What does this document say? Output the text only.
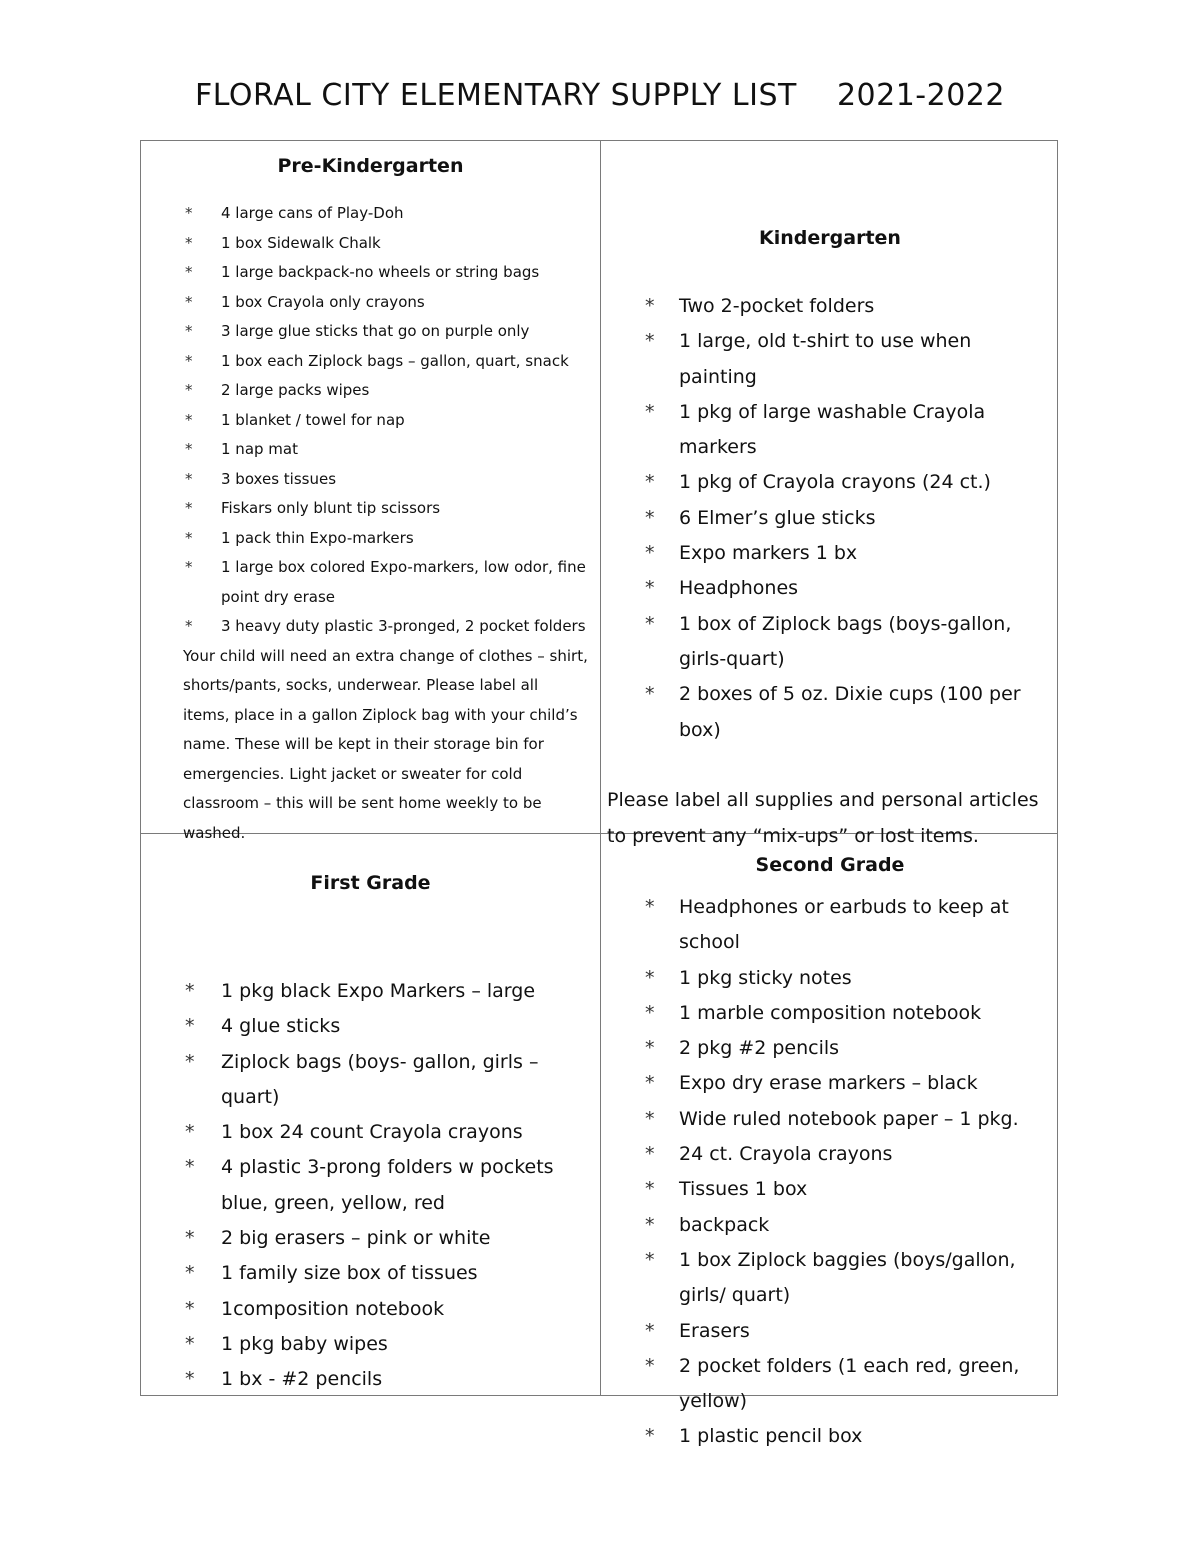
FLORAL CITY ELEMENTARY SUPPLY LIST    2021-2022
Pre-Kindergarten
* 4 large cans of Play-Doh
* 1 box Sidewalk Chalk
* 1 large backpack-no wheels or string bags
* 1 box Crayola only crayons
* 3 large glue sticks that go on purple only
* 1 box each Ziplock bags – gallon, quart, snack
* 2 large packs wipes
* 1 blanket / towel for nap
* 1 nap mat
* 3 boxes tissues
* Fiskars only blunt tip scissors
* 1 pack thin Expo-markers
* 1 large box colored Expo-markers, low odor, fine point dry erase
* 3 heavy duty plastic 3-pronged, 2 pocket folders
Your child will need an extra change of clothes – shirt, shorts/pants, socks, underwear. Please label all items, place in a gallon Ziplock bag with your child’s name. These will be kept in their storage bin for emergencies. Light jacket or sweater for cold classroom – this will be sent home weekly to be washed.
Kindergarten
* Two 2-pocket folders
* 1 large, old t-shirt to use when painting
* 1 pkg of large washable Crayola markers
* 1 pkg of Crayola crayons (24 ct.)
* 6 Elmer’s glue sticks
* Expo markers 1 bx
* Headphones
* 1 box of Ziplock bags (boys-gallon, girls-quart)
* 2 boxes of 5 oz. Dixie cups (100 per box)
Please label all supplies and personal articles to prevent any “mix-ups” or lost items.
First Grade
* 1 pkg black Expo Markers – large
* 4 glue sticks
* Ziplock bags (boys- gallon, girls – quart)
* 1 box 24 count Crayola crayons
* 4 plastic 3-prong folders w pockets blue, green, yellow, red
* 2 big erasers – pink or white
* 1 family size box of tissues
* 1composition notebook
* 1 pkg baby wipes
* 1 bx - #2 pencils
Second Grade
* Headphones or earbuds to keep at school
* 1 pkg sticky notes
* 1 marble composition notebook
* 2 pkg #2 pencils
* Expo dry erase markers – black
* Wide ruled notebook paper – 1 pkg.
* 24 ct. Crayola crayons
* Tissues 1 box
* backpack
* 1 box Ziplock baggies (boys/gallon, girls/ quart)
* Erasers
* 2 pocket folders (1 each red, green, yellow)
* 1 plastic pencil box
